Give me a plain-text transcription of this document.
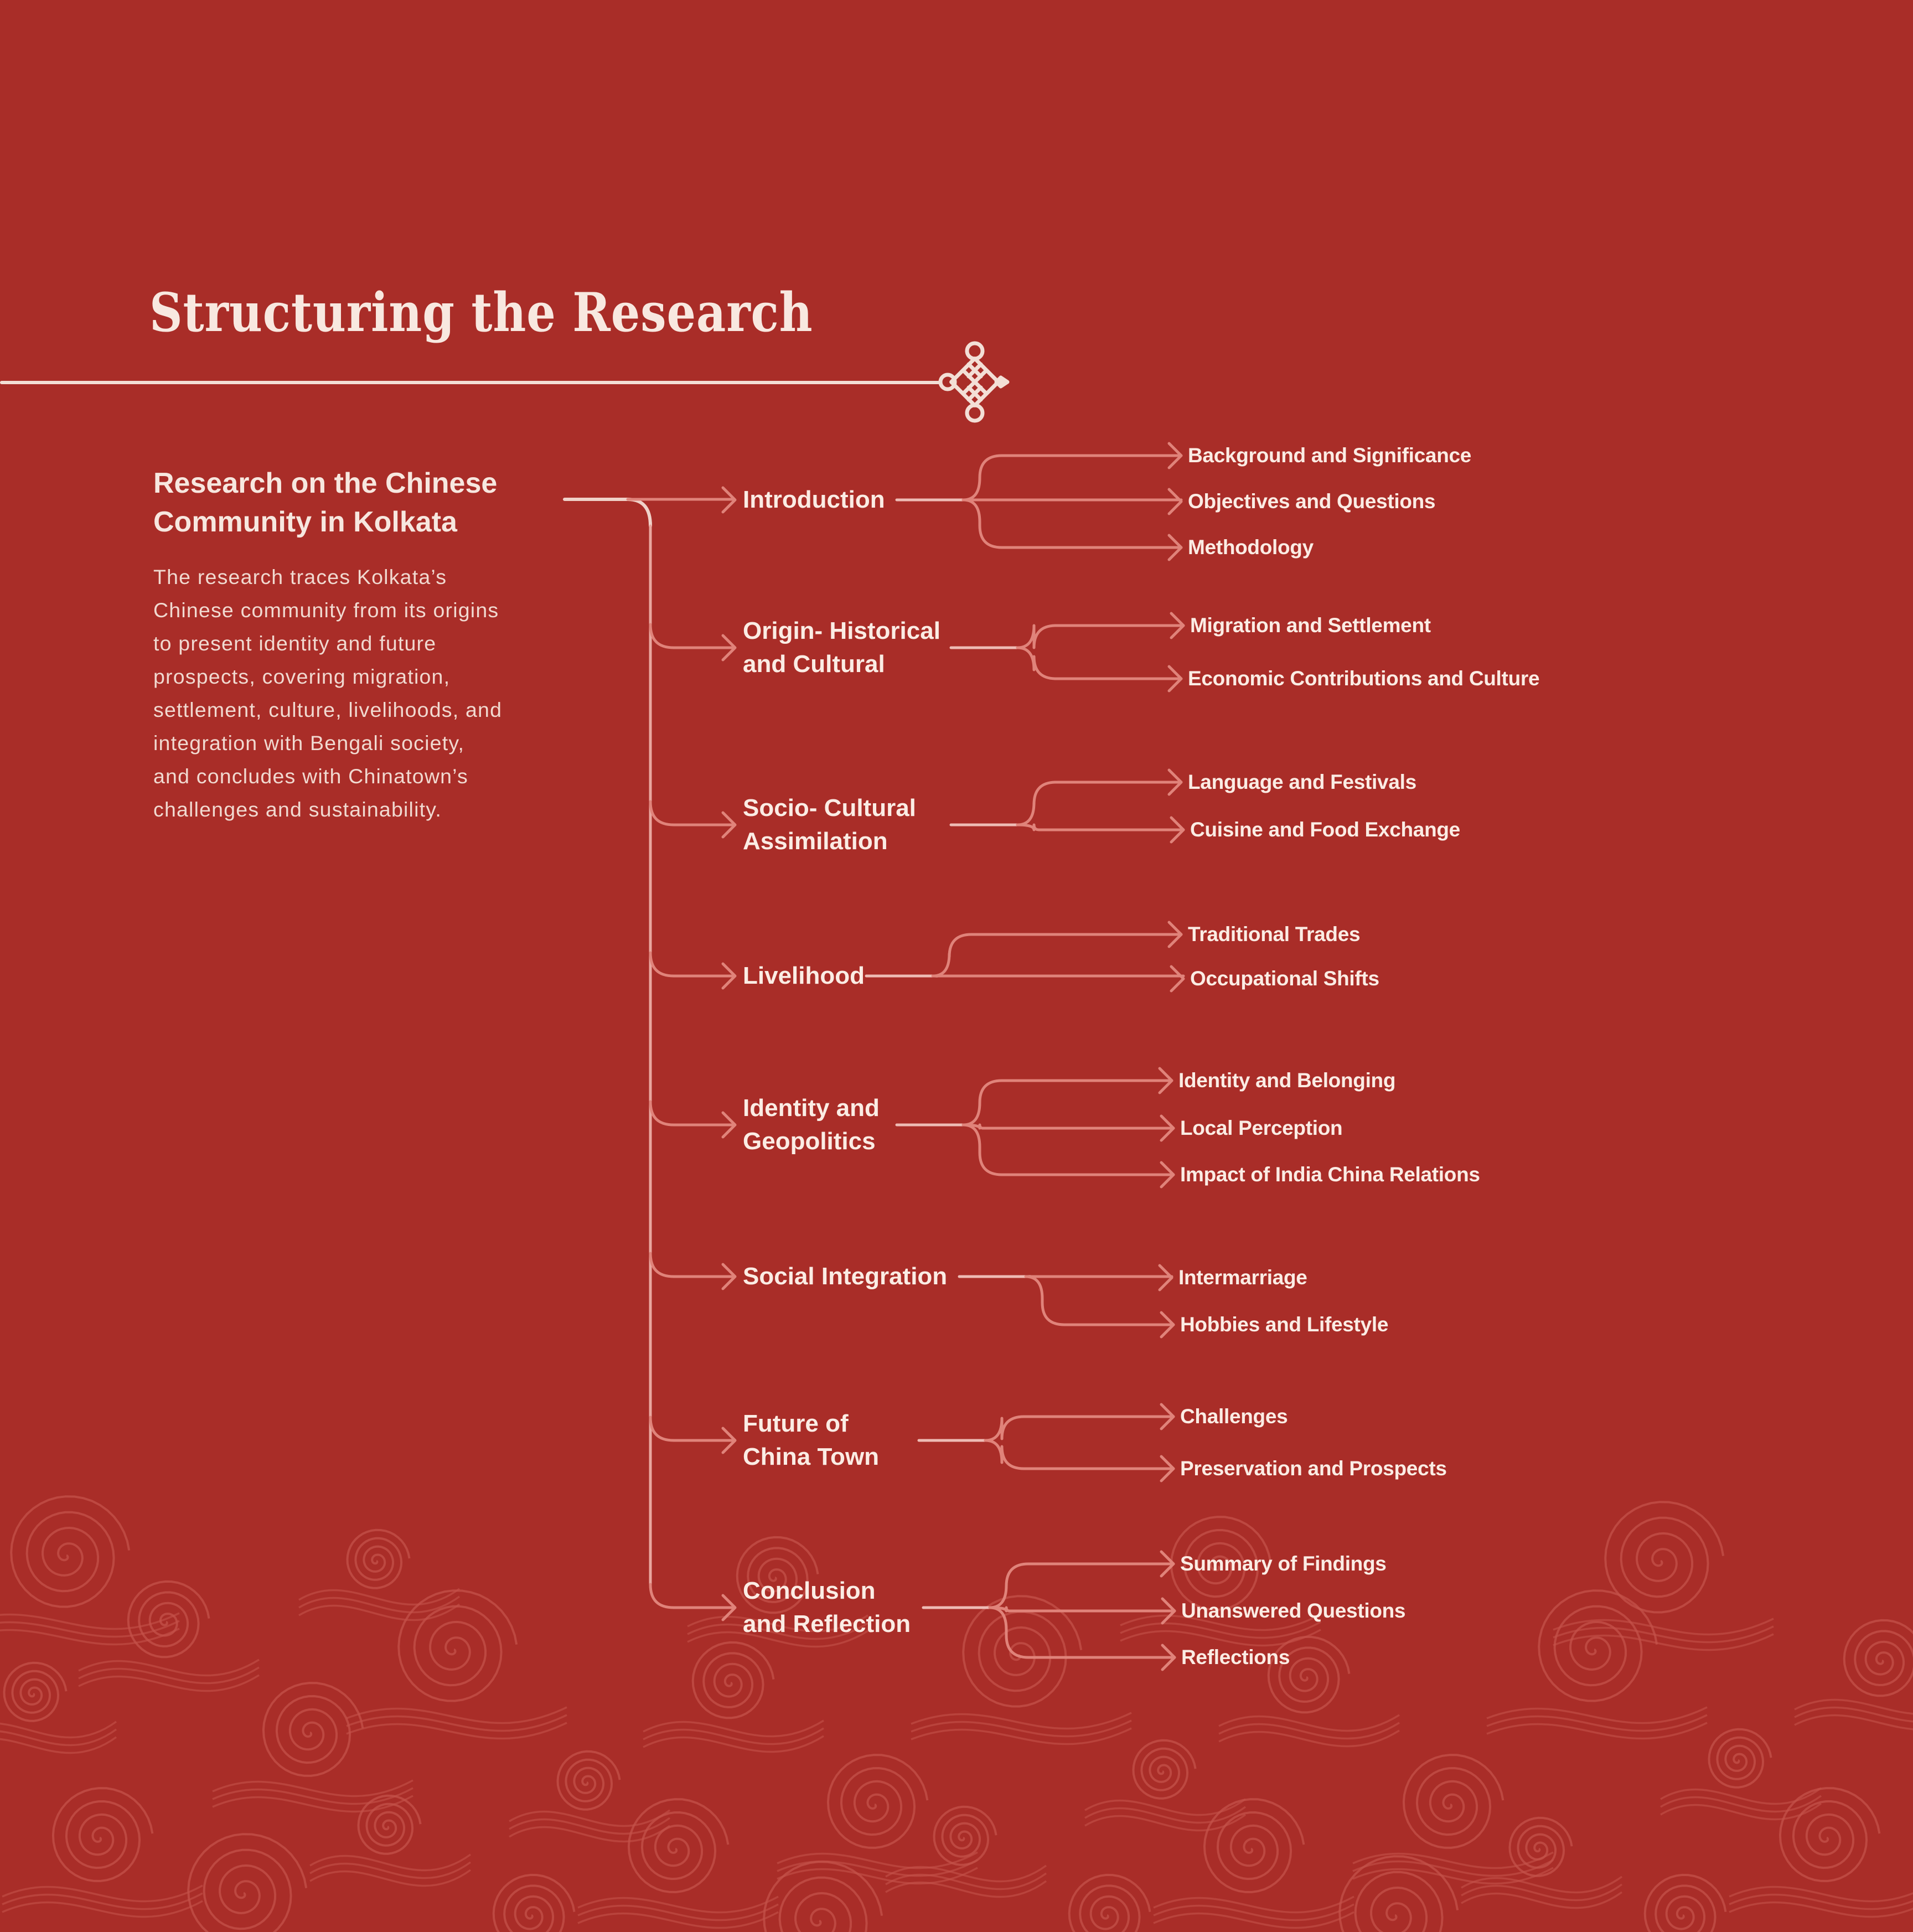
Structuring the Research
Research on the Chinese
Community in Kolkata
The research traces Kolkata’s
Chinese community from its origins
to present identity and future
prospects, covering migration,
settlement, culture, livelihoods, and
integration with Bengali society,
and concludes with Chinatown’s
challenges and sustainability.
Introduction
Background and Significance
Objectives and Questions
Methodology
Origin- Historical
and Cultural
Migration and Settlement
Economic Contributions and Culture
Socio- Cultural
Assimilation
Language and Festivals
Cuisine and Food Exchange
Livelihood
Traditional Trades
Occupational Shifts
Identity and
Geopolitics
Identity and Belonging
Local Perception
Impact of India China Relations
Social Integration	Intermarriage
Hobbies and Lifestyle
Future of
China Town
Challenges
Preservation and Prospects
Conclusion
and Reflection
Summary of Findings
Unanswered Questions
Reflections
